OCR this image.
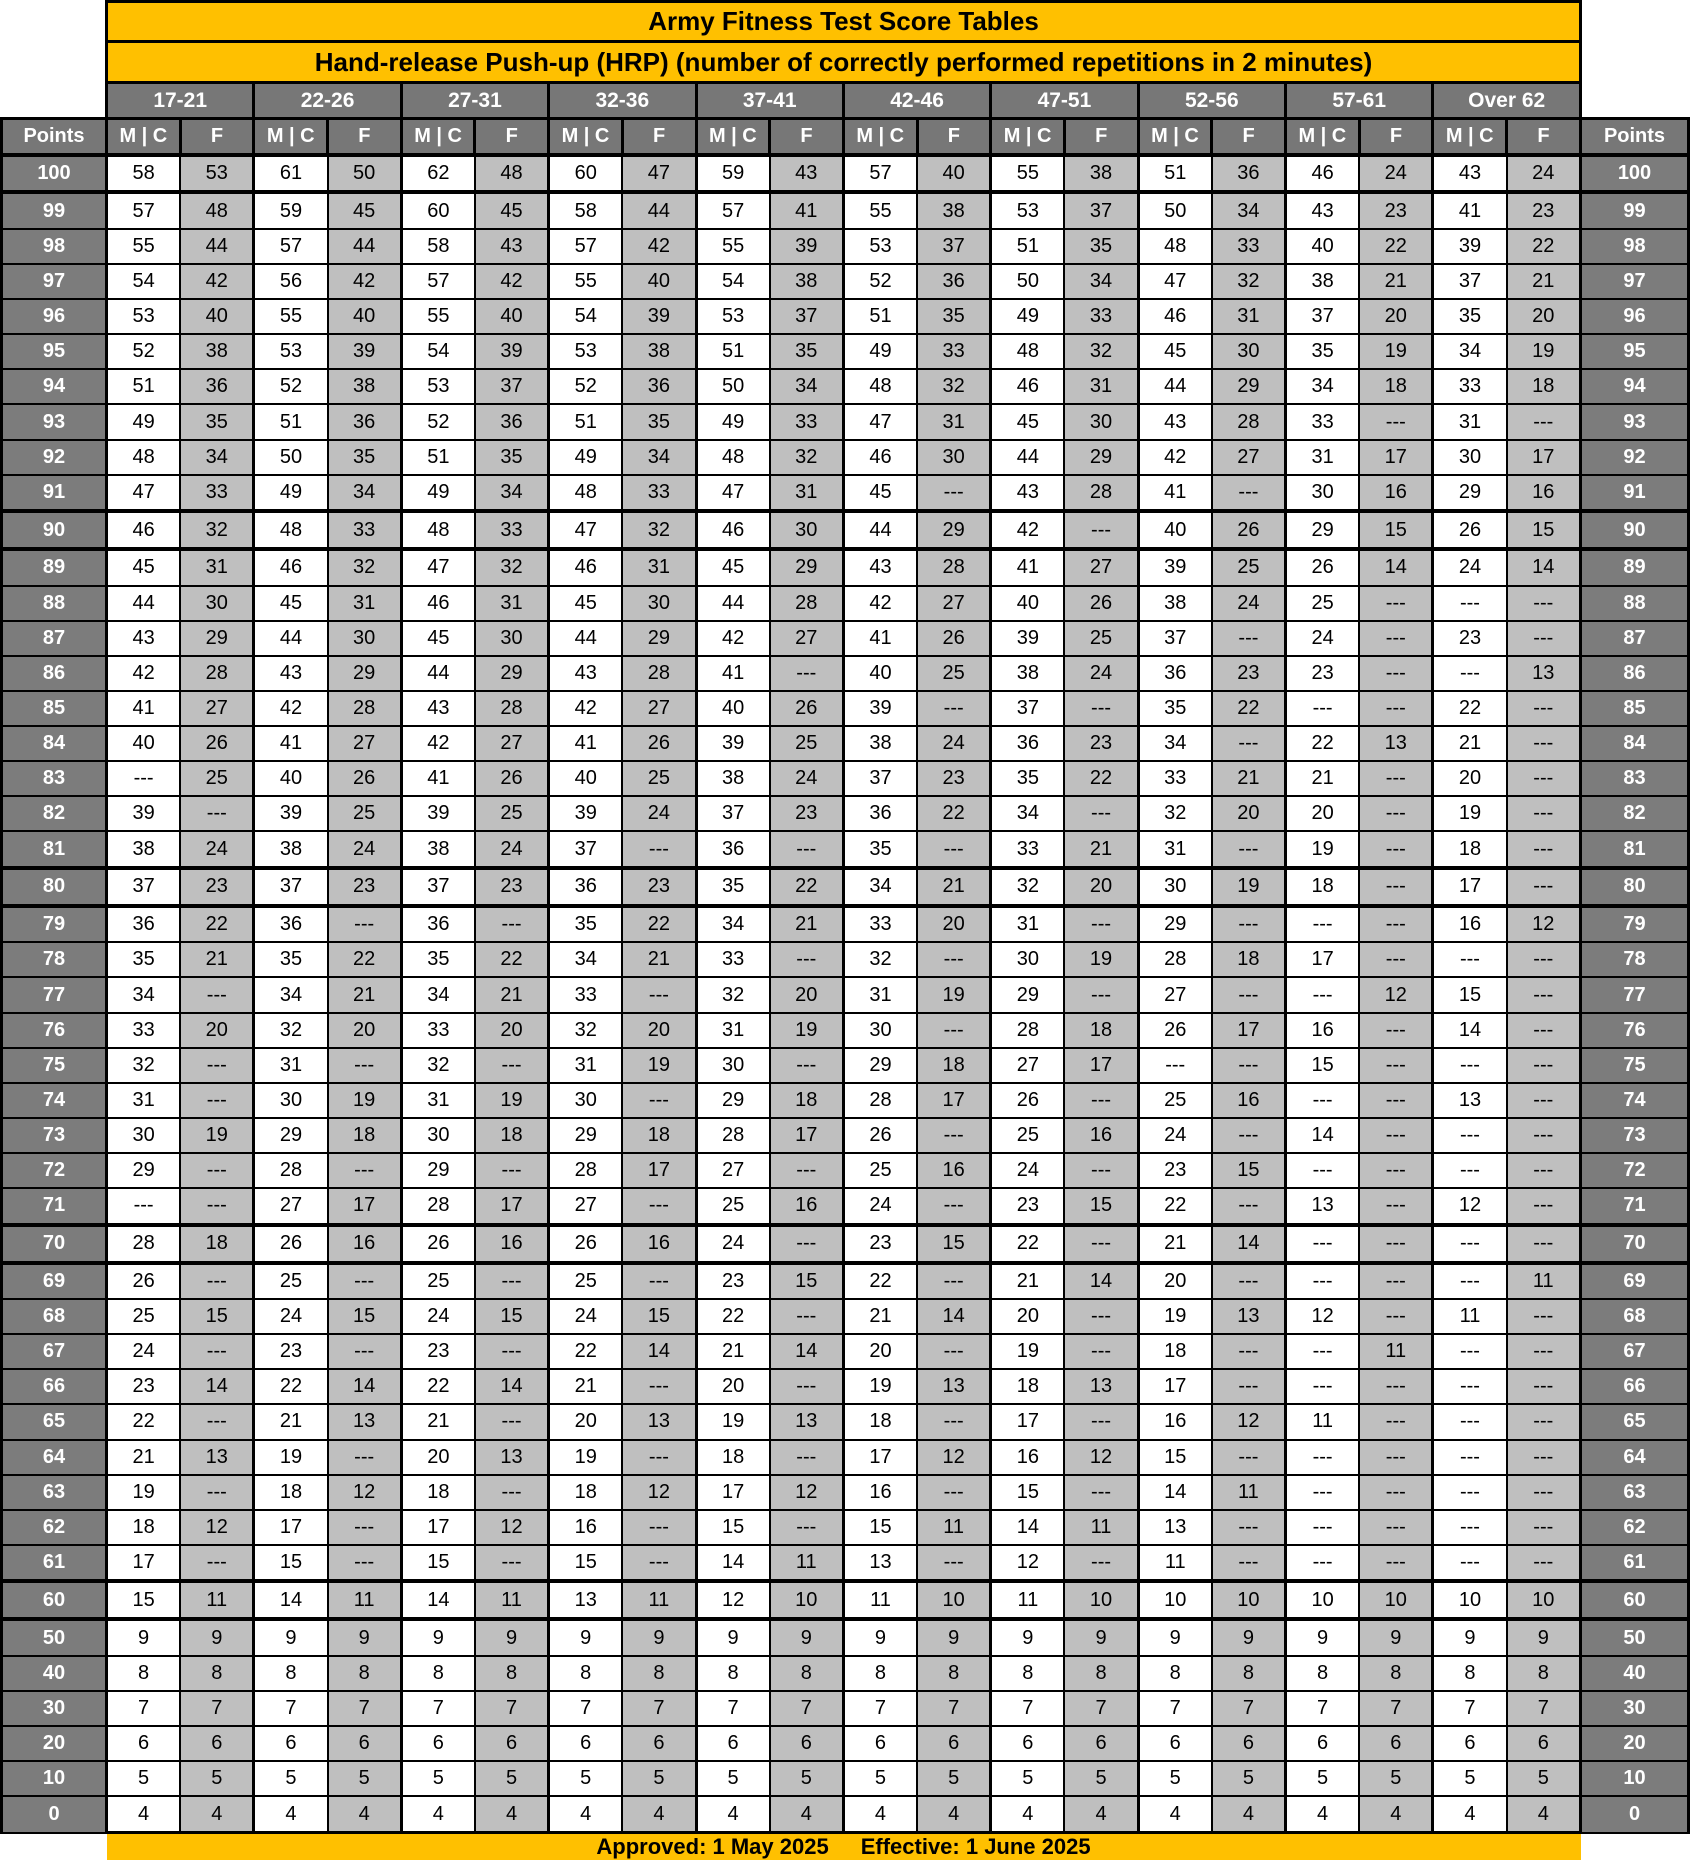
	Army Fitness Test Score Tables																				
	Hand-release Push-up (HRP) (number of correctly performed repetitions in 2 minutes)																				
	17-21		22-26		27-31		32-36		37-41		42-46		47-51		52-56		57-61		Over 62		
Points	M | C	F	M | C	F	M | C	F	M | C	F	M | C	F	M | C	F	M | C	F	M | C	F	M | C	F	M | C	F	Points
100	58	53	61	50	62	48	60	47	59	43	57	40	55	38	51	36	46	24	43	24	100
99	57	48	59	45	60	45	58	44	57	41	55	38	53	37	50	34	43	23	41	23	99
98	55	44	57	44	58	43	57	42	55	39	53	37	51	35	48	33	40	22	39	22	98
97	54	42	56	42	57	42	55	40	54	38	52	36	50	34	47	32	38	21	37	21	97
96	53	40	55	40	55	40	54	39	53	37	51	35	49	33	46	31	37	20	35	20	96
95	52	38	53	39	54	39	53	38	51	35	49	33	48	32	45	30	35	19	34	19	95
94	51	36	52	38	53	37	52	36	50	34	48	32	46	31	44	29	34	18	33	18	94
93	49	35	51	36	52	36	51	35	49	33	47	31	45	30	43	28	33	---	31	---	93
92	48	34	50	35	51	35	49	34	48	32	46	30	44	29	42	27	31	17	30	17	92
91	47	33	49	34	49	34	48	33	47	31	45	---	43	28	41	---	30	16	29	16	91
90	46	32	48	33	48	33	47	32	46	30	44	29	42	---	40	26	29	15	26	15	90
89	45	31	46	32	47	32	46	31	45	29	43	28	41	27	39	25	26	14	24	14	89
88	44	30	45	31	46	31	45	30	44	28	42	27	40	26	38	24	25	---	---	---	88
87	43	29	44	30	45	30	44	29	42	27	41	26	39	25	37	---	24	---	23	---	87
86	42	28	43	29	44	29	43	28	41	---	40	25	38	24	36	23	23	---	---	13	86
85	41	27	42	28	43	28	42	27	40	26	39	---	37	---	35	22	---	---	22	---	85
84	40	26	41	27	42	27	41	26	39	25	38	24	36	23	34	---	22	13	21	---	84
83	---	25	40	26	41	26	40	25	38	24	37	23	35	22	33	21	21	---	20	---	83
82	39	---	39	25	39	25	39	24	37	23	36	22	34	---	32	20	20	---	19	---	82
81	38	24	38	24	38	24	37	---	36	---	35	---	33	21	31	---	19	---	18	---	81
80	37	23	37	23	37	23	36	23	35	22	34	21	32	20	30	19	18	---	17	---	80
79	36	22	36	---	36	---	35	22	34	21	33	20	31	---	29	---	---	---	16	12	79
78	35	21	35	22	35	22	34	21	33	---	32	---	30	19	28	18	17	---	---	---	78
77	34	---	34	21	34	21	33	---	32	20	31	19	29	---	27	---	---	12	15	---	77
76	33	20	32	20	33	20	32	20	31	19	30	---	28	18	26	17	16	---	14	---	76
75	32	---	31	---	32	---	31	19	30	---	29	18	27	17	---	---	15	---	---	---	75
74	31	---	30	19	31	19	30	---	29	18	28	17	26	---	25	16	---	---	13	---	74
73	30	19	29	18	30	18	29	18	28	17	26	---	25	16	24	---	14	---	---	---	73
72	29	---	28	---	29	---	28	17	27	---	25	16	24	---	23	15	---	---	---	---	72
71	---	---	27	17	28	17	27	---	25	16	24	---	23	15	22	---	13	---	12	---	71
70	28	18	26	16	26	16	26	16	24	---	23	15	22	---	21	14	---	---	---	---	70
69	26	---	25	---	25	---	25	---	23	15	22	---	21	14	20	---	---	---	---	11	69
68	25	15	24	15	24	15	24	15	22	---	21	14	20	---	19	13	12	---	11	---	68
67	24	---	23	---	23	---	22	14	21	14	20	---	19	---	18	---	---	11	---	---	67
66	23	14	22	14	22	14	21	---	20	---	19	13	18	13	17	---	---	---	---	---	66
65	22	---	21	13	21	---	20	13	19	13	18	---	17	---	16	12	11	---	---	---	65
64	21	13	19	---	20	13	19	---	18	---	17	12	16	12	15	---	---	---	---	---	64
63	19	---	18	12	18	---	18	12	17	12	16	---	15	---	14	11	---	---	---	---	63
62	18	12	17	---	17	12	16	---	15	---	15	11	14	11	13	---	---	---	---	---	62
61	17	---	15	---	15	---	15	---	14	11	13	---	12	---	11	---	---	---	---	---	61
60	15	11	14	11	14	11	13	11	12	10	11	10	11	10	10	10	10	10	10	10	60
50	9	9	9	9	9	9	9	9	9	9	9	9	9	9	9	9	9	9	9	9	50
40	8	8	8	8	8	8	8	8	8	8	8	8	8	8	8	8	8	8	8	8	40
30	7	7	7	7	7	7	7	7	7	7	7	7	7	7	7	7	7	7	7	7	30
20	6	6	6	6	6	6	6	6	6	6	6	6	6	6	6	6	6	6	6	6	20
10	5	5	5	5	5	5	5	5	5	5	5	5	5	5	5	5	5	5	5	5	10
0	4	4	4	4	4	4	4	4	4	4	4	4	4	4	4	4	4	4	4	4	0
	Approved: 1 May 2025 Effective: 1 June 2025																				
